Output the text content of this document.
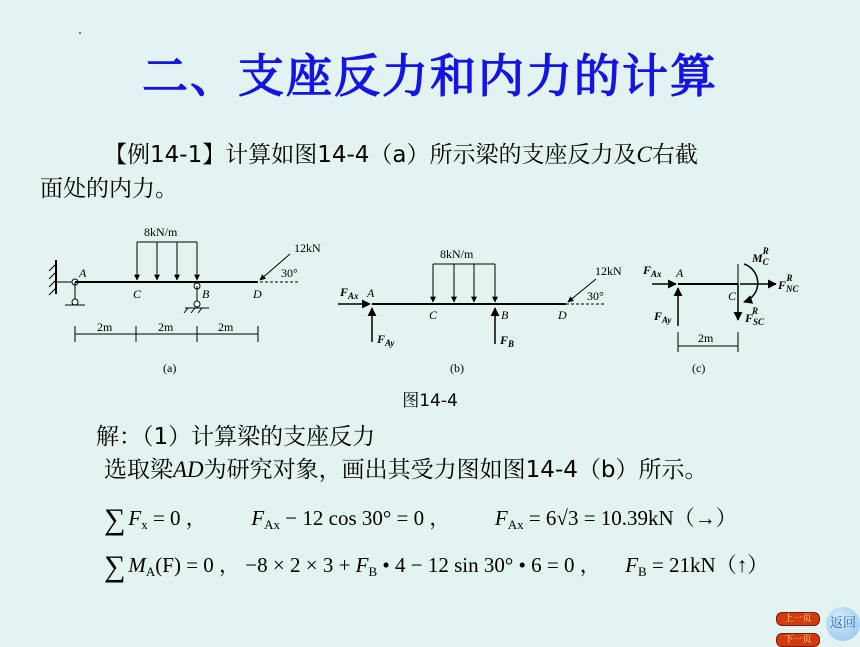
二、支座反力和内力的计算
【例14-1】计算如图14-4（a）所示梁的支座反力及C右截
面处的内力。
8kN/m
12kN
30°
A
C	B	D
2m	2m	2m
(a)
$F_{Ax}$
$F_{Ay}$
8kN/m
$F_B$
12kN
30°
A
C	B	D
(b)
$F_{Ax}$ A
$F_{Ay}$
C
$M_CR$
$F_{NC}R$
$F_{SC}R$
2m
(c)
图14-4
解：（1）计算梁的支座反力
选取梁AD为研究对象，画出其受力图如图14-4（b）所示。
∑ $F_x = 0$ ， $F_{Ax} - 12$ cos 30° = 0 ， $F_{Ax} = 6√3 = 10.39kN(\to)$
∑ $M_A(F) = 0$ ， $-8 \times 2 \times 3 + F_B$ • 4 − 12 sin 30° • 6 = 0 ， $F_B$ = 21kN（↑）
上一页
下一页
返回
